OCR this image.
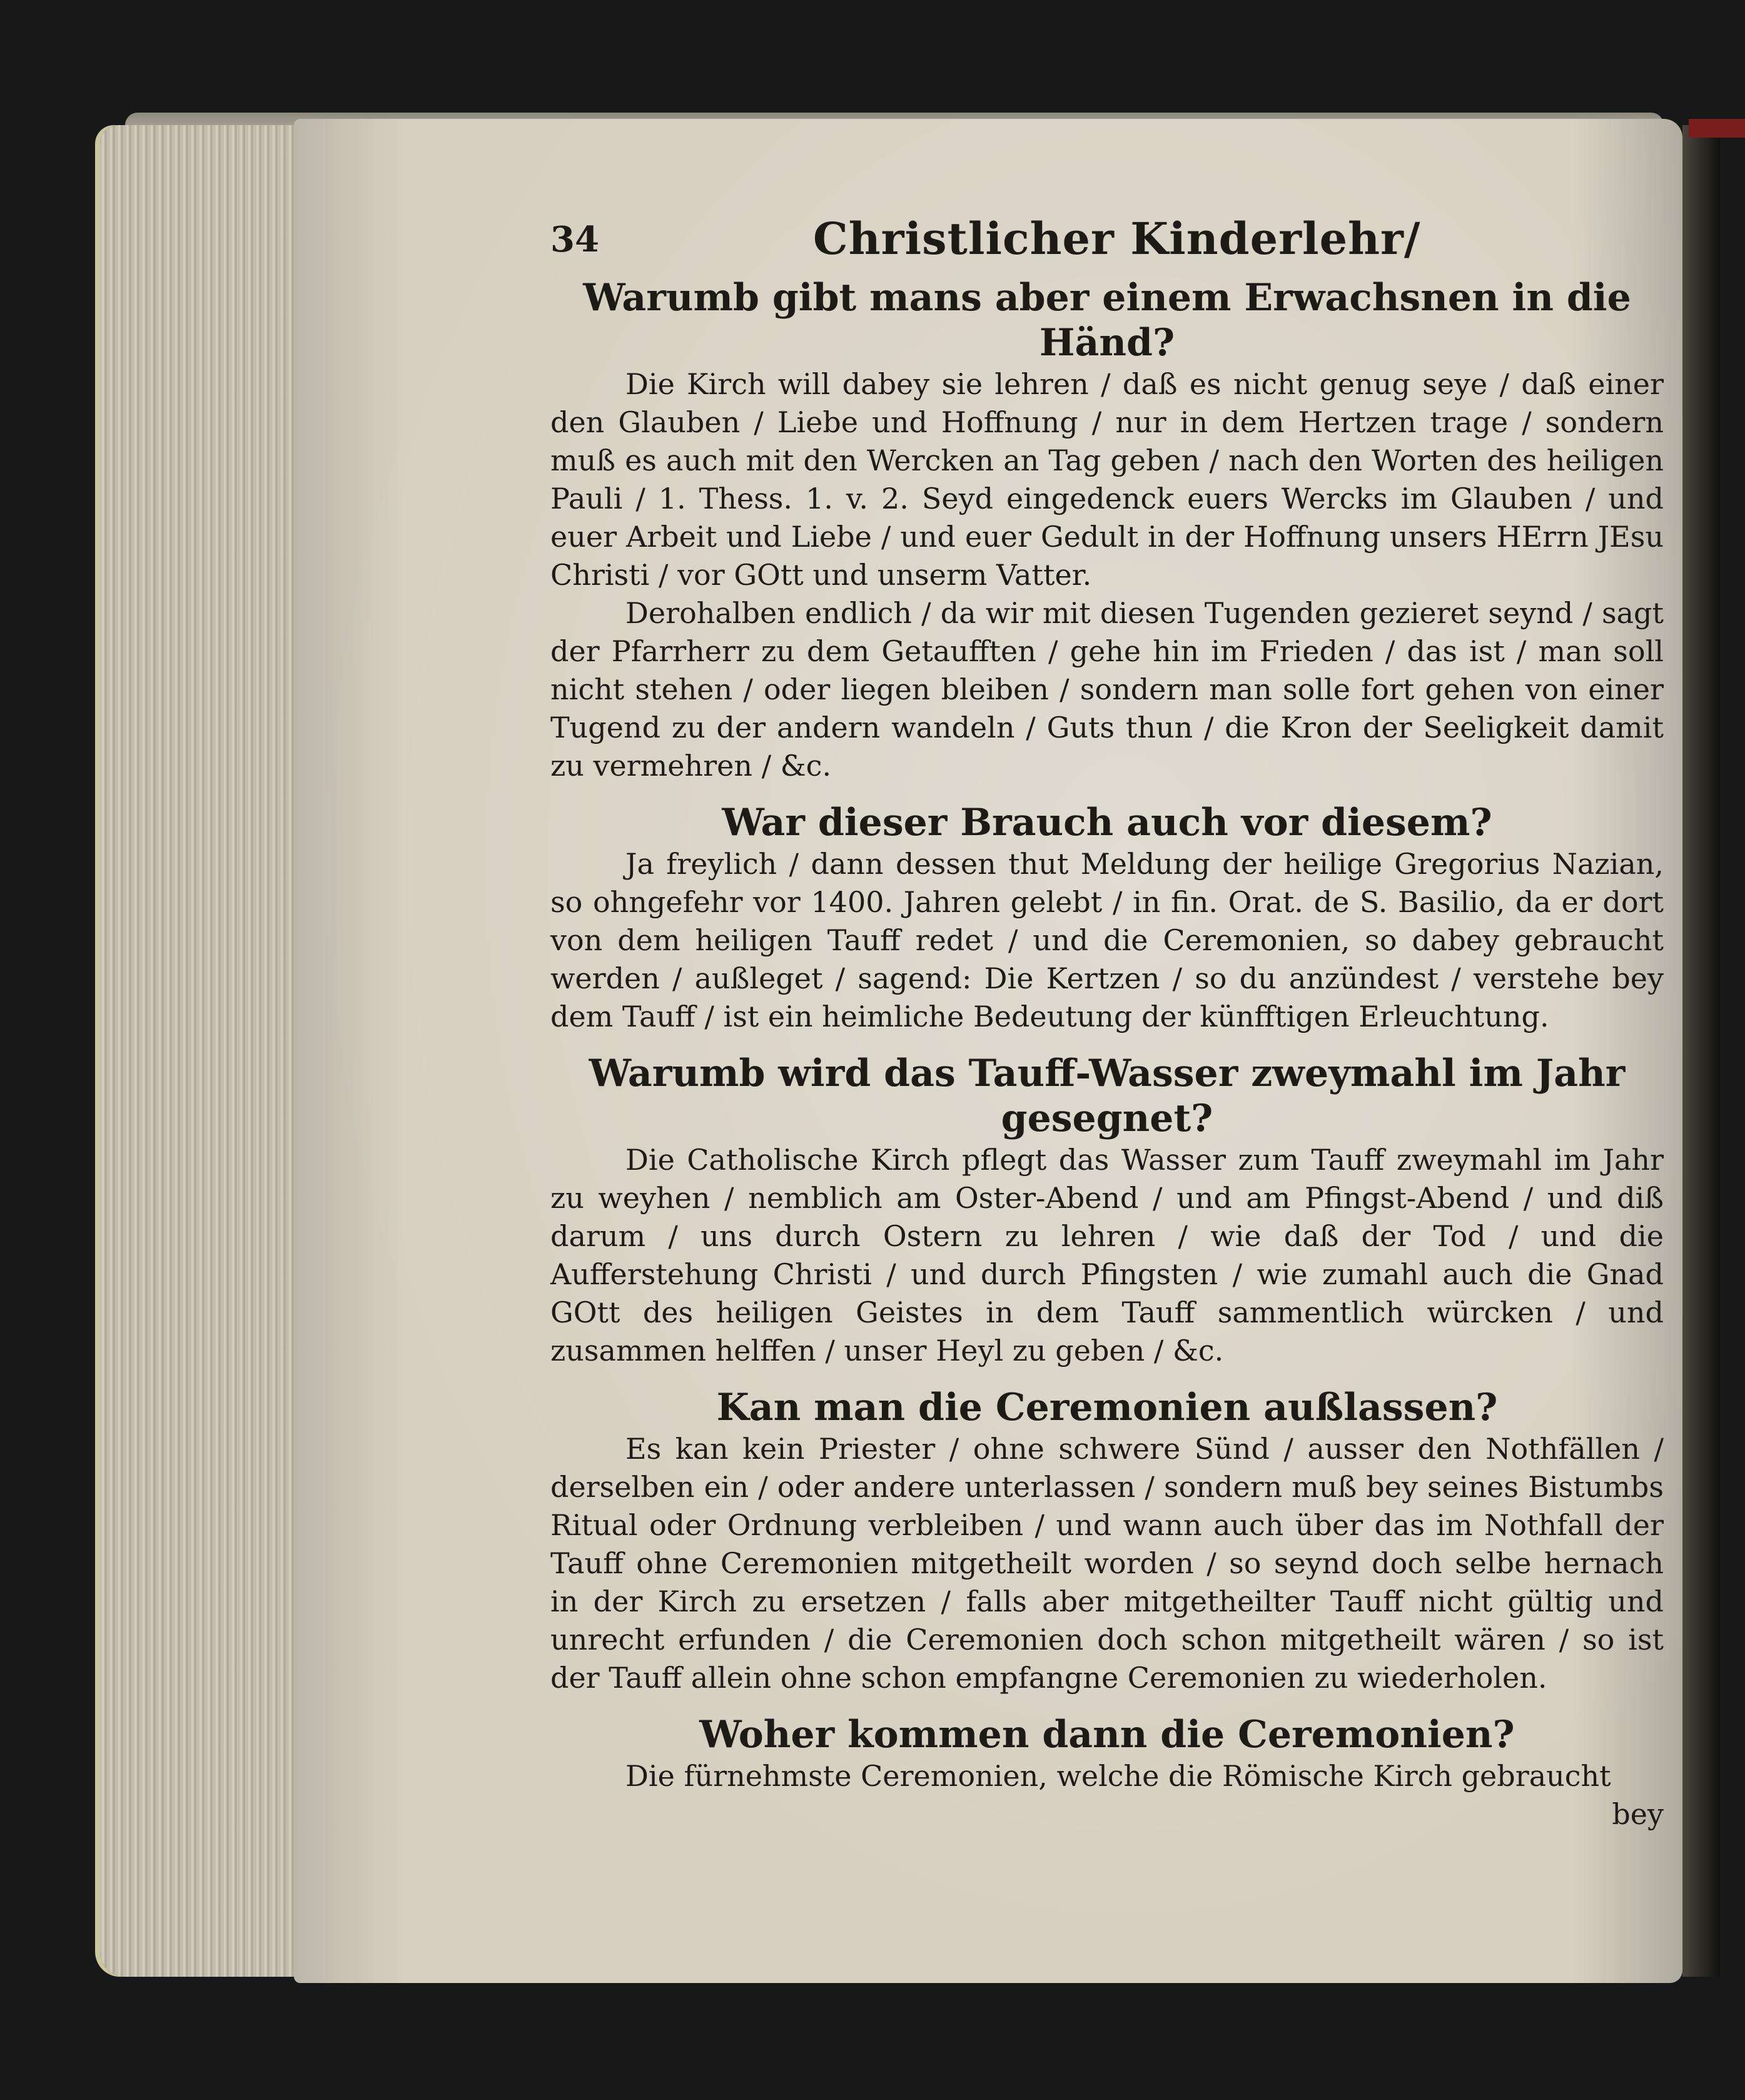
34	Christlicher Kinderlehr/

Warumb gibt mans aber einem Erwachsnen in die Händ?

Die Kirch will dabey sie lehren / daß es nicht genug seye / daß einer den Glauben / Liebe und Hoffnung / nur in dem Hertzen trage / sondern muß es auch mit den Wercken an Tag geben / nach den Worten des heiligen Pauli / 1. Thess. 1. v. 2. Seyd eingedenck euers Wercks im Glauben / und euer Arbeit und Liebe / und euer Gedult in der Hoffnung unsers HErrn JEsu Christi / vor GOtt und unserm Vatter.

Derohalben endlich / da wir mit diesen Tugenden gezieret seynd / sagt der Pfarrherr zu dem Getaufften / gehe hin im Frieden / das ist / man soll nicht stehen / oder liegen bleiben / sondern man solle fort gehen von einer Tugend zu der andern wandeln / Guts thun / die Kron der Seeligkeit damit zu vermehren / &c.

War dieser Brauch auch vor diesem?

Ja freylich / dann dessen thut Meldung der heilige Gregorius Nazian, so ohngefehr vor 1400. Jahren gelebt / in fin. Orat. de S. Basilio, da er dort von dem heiligen Tauff redet / und die Ceremonien, so dabey gebraucht werden / außleget / sagend: Die Kertzen / so du anzündest / verstehe bey dem Tauff / ist ein heimliche Bedeutung der künfftigen Erleuchtung.

Warumb wird das Tauff-Wasser zweymahl im Jahr gesegnet?

Die Catholische Kirch pflegt das Wasser zum Tauff zweymahl im Jahr zu weyhen / nemblich am Oster-Abend / und am Pfingst-Abend / und diß darum / uns durch Ostern zu lehren / wie daß der Tod / und die Aufferstehung Christi / und durch Pfingsten / wie zumahl auch die Gnad GOtt des heiligen Geistes in dem Tauff sammentlich würcken / und zusammen helffen / unser Heyl zu geben / &c.

Kan man die Ceremonien außlassen?

Es kan kein Priester / ohne schwere Sünd / ausser den Nothfällen / derselben ein / oder andere unterlassen / sondern muß bey seines Bistumbs Ritual oder Ordnung verbleiben / und wann auch über das im Nothfall der Tauff ohne Ceremonien mitgetheilt worden / so seynd doch selbe hernach in der Kirch zu ersetzen / falls aber mitgetheilter Tauff nicht gültig und unrecht erfunden / die Ceremonien doch schon mitgetheilt wären / so ist der Tauff allein ohne schon empfangne Ceremonien zu wiederholen.

Woher kommen dann die Ceremonien?

Die fürnehmste Ceremonien, welche die Römische Kirch gebraucht

bey
